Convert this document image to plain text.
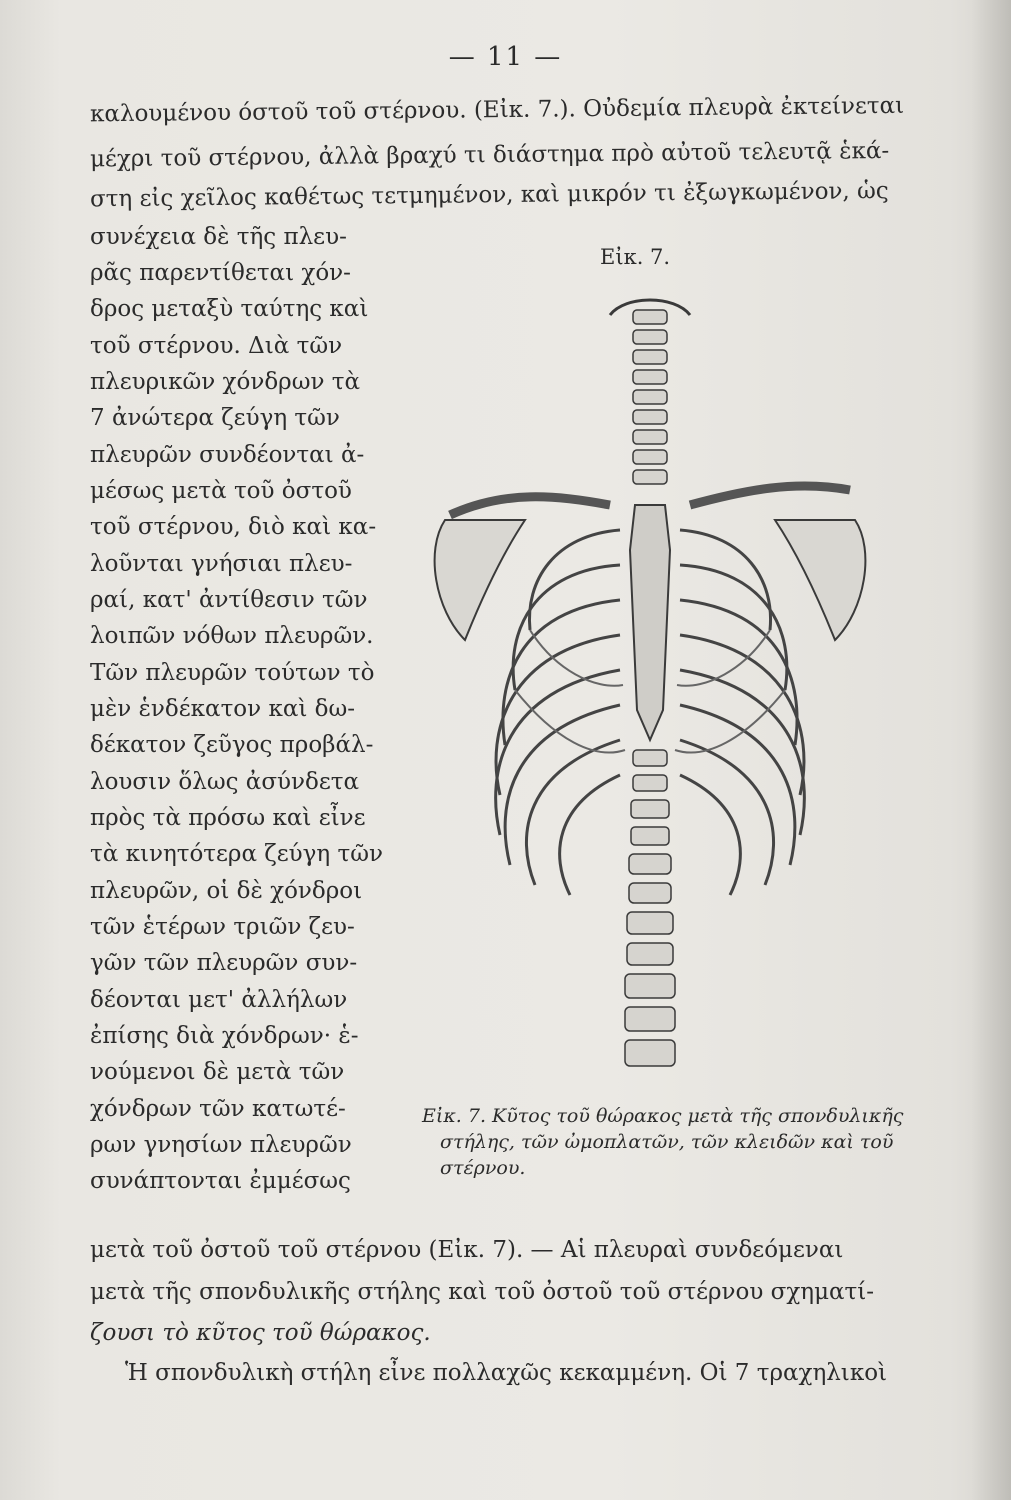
— 11 —
καλουμένου όστοῦ τοῦ στέρνου. (Εἰκ. 7.). Οὐδεμία πλευρὰ ἐκτείνεται
μέχρι τοῦ στέρνου, ἀλλὰ βραχύ τι διάστημα πρὸ αὐτοῦ τελευτᾷ ἑκά-
στη εἰς χεῖλος καθέτως τετμημένον, καὶ μικρόν τι ἐξωγκωμένον, ὡς
συνέχεια δὲ τῆς πλευ-
ρᾶς παρεντίθεται χόν-
δρος μεταξὺ ταύτης καὶ
τοῦ στέρνου. Διὰ τῶν
πλευρικῶν χόνδρων τὰ
7 ἀνώτερα ζεύγη τῶν
πλευρῶν συνδέονται ἀ-
μέσως μετὰ τοῦ ὀστοῦ
τοῦ στέρνου, διὸ καὶ κα-
λοῦνται γνήσιαι πλευ-
ραί, κατ' ἀντίθεσιν τῶν
λοιπῶν νόθων πλευρῶν.
Τῶν πλευρῶν τούτων τὸ
μὲν ἑνδέκατον καὶ δω-
δέκατον ζεῦγος προβάλ-
λουσιν ὅλως ἀσύνδετα
πρὸς τὰ πρόσω καὶ εἶνε
τὰ κινητότερα ζεύγη τῶν
πλευρῶν, οἱ δὲ χόνδροι
τῶν ἑτέρων τριῶν ζευ-
γῶν τῶν πλευρῶν συν-
δέονται μετ' ἀλλήλων
ἐπίσης διὰ χόνδρων· ἑ-
νούμενοι δὲ μετὰ τῶν
χόνδρων τῶν κατωτέ-
ρων γνησίων πλευρῶν
συνάπτονται ἐμμέσως
Εἰκ. 7.
Εἰκ. 7. Κῦτος τοῦ θώρακος μετὰ τῆς σπονδυλικῆς
στήλης, τῶν ὠμοπλατῶν, τῶν κλειδῶν καὶ τοῦ
στέρνου.
μετὰ τοῦ ὀστοῦ τοῦ στέρνου (Εἰκ. 7). — Αἱ πλευραὶ συνδεόμεναι
μετὰ τῆς σπονδυλικῆς στήλης καὶ τοῦ ὀστοῦ τοῦ στέρνου σχηματί-
ζουσι τὸ κῦτος τοῦ θώρακος.
Ἡ σπονδυλικὴ στήλη εἶνε πολλαχῶς κεκαμμένη. Οἱ 7 τραχηλικοὶ
